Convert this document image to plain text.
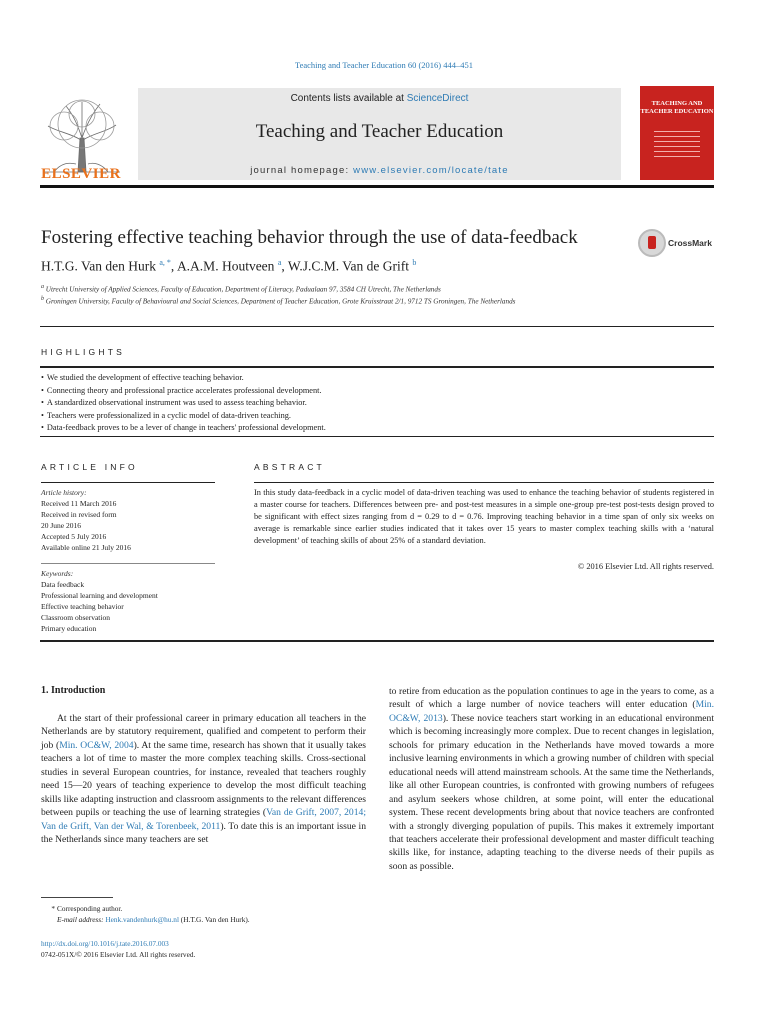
Teaching and Teacher Education 60 (2016) 444–451
ELSEVIER
Contents lists available at ScienceDirect
Teaching and Teacher Education
journal homepage: www.elsevier.com/locate/tate
TEACHING AND TEACHER EDUCATION
Fostering effective teaching behavior through the use of data-feedback	CrossMark
H.T.G. Van den Hurk $^{a, *}$, A.A.M. Houtveen $^a$, W.J.C.M. Van de Grift $^b$
$^a$ Utrecht University of Applied Sciences, Faculty of Education, Department of Literacy, Padualaan 97, 3584 CH Utrecht, The Netherlands
$^b$ Groningen University, Faculty of Behavioural and Social Sciences, Department of Teacher Education, Grote Kruisstraat 2/1, 9712 TS Groningen, The Netherlands
HIGHLIGHTS
• We studied the development of effective teaching behavior.
• Connecting theory and professional practice accelerates professional development.
• A standardized observational instrument was used to assess teaching behavior.
• Teachers were professionalized in a cyclic model of data-driven teaching.
• Data-feedback proves to be a lever of change in teachers' professional development.
ARTICLE INFO
Article history:
Received 11 March 2016
Received in revised form
20 June 2016
Accepted 5 July 2016
Available online 21 July 2016
Keywords:
Data feedback
Professional learning and development
Effective teaching behavior
Classroom observation
Primary education
ABSTRACT
In this study data-feedback in a cyclic model of data-driven teaching was used to enhance the teaching behavior of students registered in a master course for teachers. Differences between pre- and post-test measures in a simple one-group pre-test post-tests design proved to be significant with effect sizes ranging from d = 0.29 to d = 0.76. Improving teaching behavior in a time span of only six weeks on average is remarkable since earlier studies indicated that it takes over 15 years to master complex teaching skills with a ‘natural development’ of teaching skills of about 25% of a standard deviation.
© 2016 Elsevier Ltd. All rights reserved.
1. Introduction

At the start of their professional career in primary education all teachers in the Netherlands are by statutory requirement, qualified and competent to perform their job (Min. OC&W, 2004). At the same time, research has shown that it usually takes teachers a lot of time to master the more complex teaching skills. Cross-sectional studies in several European countries, for instance, revealed that teachers roughly need 15—20 years of teaching experience to develop the most difficult teaching skills like adapting instruction and classroom assignments to the relevant differences between pupils or teaching the use of learning strategies (Van de Grift, 2007, 2014; Van de Grift, Van der Wal, & Torenbeek, 2011). To date this is an important issue in the Netherlands since many teachers are set

to retire from education as the population continues to age in the years to come, as a result of which a large number of novice teachers will enter education (Min. OC&W, 2013). These novice teachers start working in an educational environment which is becoming increasingly more complex. Due to recent changes in legislation, schools for primary education in the Netherlands have moved towards a more inclusive learning environments in which a growing number of children with special educational needs will attend mainstream schools. At the same time the Netherlands, like all other European countries, is confronted with growing numbers of refugees and asylum seekers whose children, at some point, will enter the educational system. These recent developments bring about that novice teachers are confronted with a strongly diverging population of pupils. This makes it extremely important that teachers accelerate their professional development and master difficult teaching skills like, for instance, adapting teaching to the diverse needs of their pupils as soon as possible.

* Corresponding author.
E-mail address: Henk.vandenhurk@hu.nl (H.T.G. Van den Hurk).
http://dx.doi.org/10.1016/j.tate.2016.07.003
0742-051X/© 2016 Elsevier Ltd. All rights reserved.
